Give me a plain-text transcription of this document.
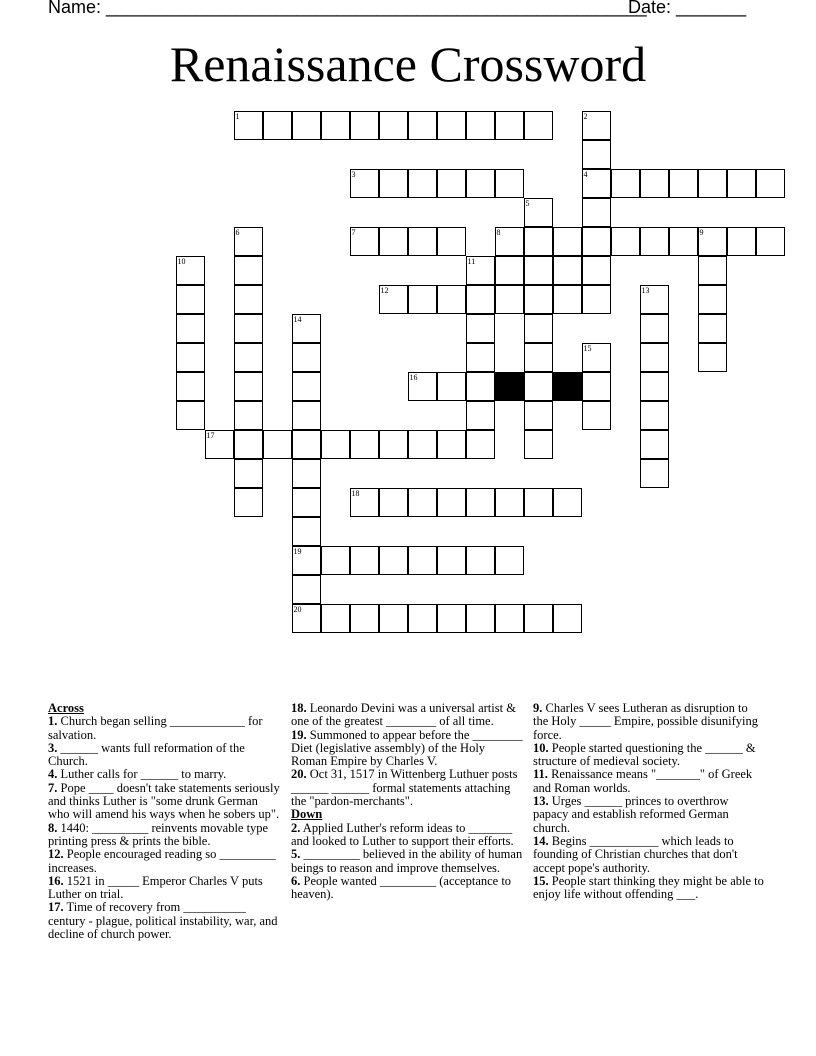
Name: ______________________________________________________
Date: _______
Renaissance Crossword
1
3	4
7	8	9
11
12
16
17
18
19
20
2
5
6
10
13
14
15

Across

1. Church began selling ____________ for salvation.

3. ______ wants full reformation of the Church.

4. Luther calls for ______ to marry.

7. Pope ____ doesn't take statements seriously and thinks Luther is "some drunk German who will amend his ways when he sobers up".

8. 1440: _________ reinvents movable type printing press & prints the bible.

12. People encouraged reading so _________ increases.

16. 1521 in _____ Emperor Charles V puts Luther on trial.

17. Time of recovery from __________ century - plague, political instability, war, and decline of church power.

18. Leonardo Devini was a universal artist & one of the greatest ________ of all time.

19. Summoned to appear before the ________ Diet (legislative assembly) of the Holy Roman Empire by Charles V.

20. Oct 31, 1517 in Wittenberg Luthuer posts ______ ______ formal statements attaching the "pardon-merchants".

Down

2. Applied Luther's reform ideas to _______ and looked to Luther to support their efforts.

5. _________ believed in the ability of human beings to reason and improve themselves.

6. People wanted _________ (acceptance to heaven).

9. Charles V sees Lutheran as disruption to the Holy _____ Empire, possible disunifying force.

10. People started questioning the ______ & structure of medieval society.

11. Renaissance means "_______" of Greek and Roman worlds.

13. Urges ______ princes to overthrow papacy and establish reformed German church.

14. Begins ___________ which leads to founding of Christian churches that don't accept pope's authority.

15. People start thinking they might be able to enjoy life without offending ___.
